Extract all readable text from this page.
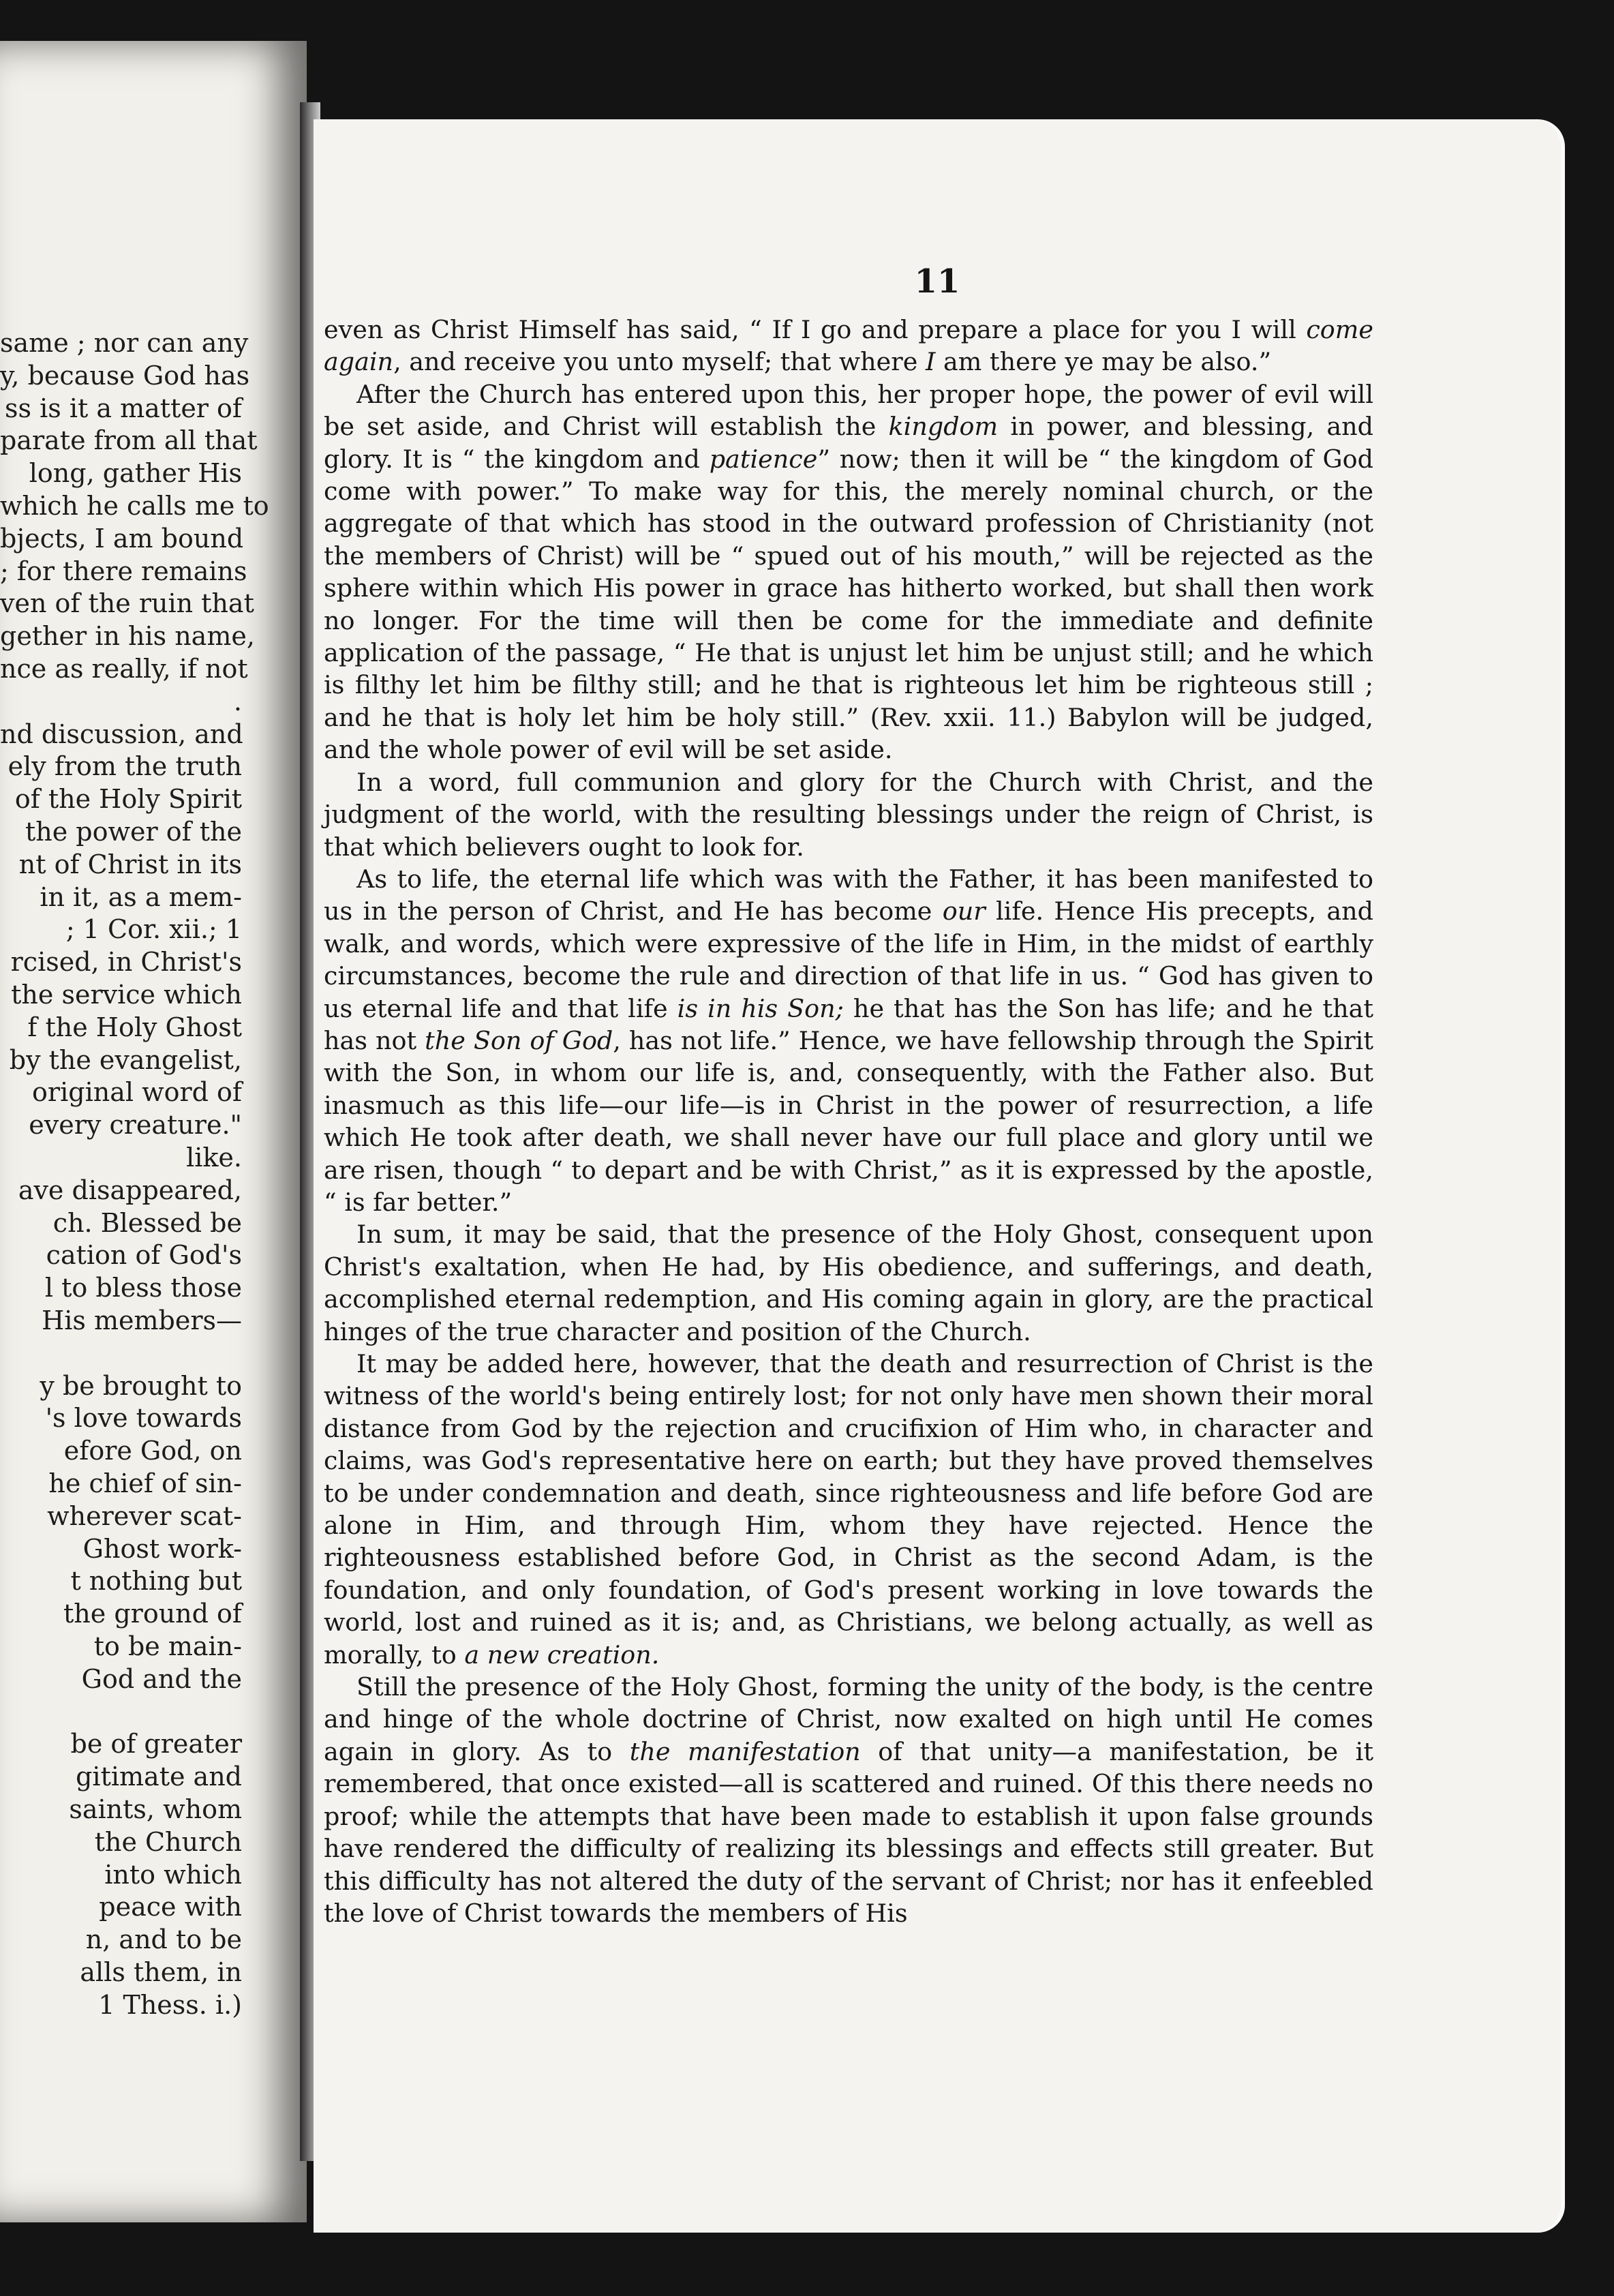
same ; nor can any
y, because God has
ss is it a matter of
parate from all that
long, gather His
which he calls me to
bjects, I am bound
; for there remains
ven of the ruin that
gether in his name,
nce as really, if not
.
nd discussion, and
ely from the truth
of the Holy Spirit
the power of the
nt of Christ in its
in it, as a mem-
; 1 Cor. xii.; 1
rcised, in Christ's
the service which
f the Holy Ghost
by the evangelist,
original word of
every creature."
like.
ave disappeared,
ch. Blessed be
cation of God's
l to bless those
His members—
y be brought to
's love towards
efore God, on
he chief of sin-
wherever scat-
Ghost work-
t nothing but
the ground of
to be main-
God and the
be of greater
gitimate and
saints, whom
the Church
into which
peace with
n, and to be
alls them, in
1 Thess. i.)
11

even as Christ Himself has said, “ If I go and prepare a place for you I will come again, and receive you unto myself; that where I am there ye may be also.”

After the Church has entered upon this, her proper hope, the power of evil will be set aside, and Christ will establish the kingdom in power, and blessing, and glory. It is “ the kingdom and patience” now; then it will be “ the kingdom of God come with power.” To make way for this, the merely nominal church, or the aggregate of that which has stood in the outward profession of Christianity (not the members of Christ) will be “ spued out of his mouth,” will be rejected as the sphere within which His power in grace has hitherto worked, but shall then work no longer. For the time will then be come for the immediate and definite application of the passage, “ He that is unjust let him be unjust still; and he which is filthy let him be filthy still; and he that is righteous let him be righteous still ; and he that is holy let him be holy still.” (Rev. xxii. 11.) Babylon will be judged, and the whole power of evil will be set aside.

In a word, full communion and glory for the Church with Christ, and the judgment of the world, with the resulting blessings under the reign of Christ, is that which believers ought to look for.

As to life, the eternal life which was with the Father, it has been manifested to us in the person of Christ, and He has become our life. Hence His precepts, and walk, and words, which were expressive of the life in Him, in the midst of earthly circumstances, become the rule and direction of that life in us. “ God has given to us eternal life and that life is in his Son; he that has the Son has life; and he that has not the Son of God, has not life.” Hence, we have fellowship through the Spirit with the Son, in whom our life is, and, consequently, with the Father also. But inasmuch as this life—our life—is in Christ in the power of resurrection, a life which He took after death, we shall never have our full place and glory until we are risen, though “ to depart and be with Christ,” as it is expressed by the apostle, “ is far better.”

In sum, it may be said, that the presence of the Holy Ghost, consequent upon Christ's exaltation, when He had, by His obedience, and sufferings, and death, accomplished eternal redemption, and His coming again in glory, are the practical hinges of the true character and position of the Church.

It may be added here, however, that the death and resurrection of Christ is the witness of the world's being entirely lost; for not only have men shown their moral distance from God by the rejection and crucifixion of Him who, in character and claims, was God's representative here on earth; but they have proved themselves to be under condemnation and death, since righteousness and life before God are alone in Him, and through Him, whom they have rejected. Hence the righteousness established before God, in Christ as the second Adam, is the foundation, and only foundation, of God's present working in love towards the world, lost and ruined as it is; and, as Christians, we belong actually, as well as morally, to a new creation.

Still the presence of the Holy Ghost, forming the unity of the body, is the centre and hinge of the whole doctrine of Christ, now exalted on high until He comes again in glory. As to the manifestation of that unity—a manifestation, be it remembered, that once existed—all is scattered and ruined. Of this there needs no proof; while the attempts that have been made to establish it upon false grounds have rendered the difficulty of realizing its blessings and effects still greater. But this difficulty has not altered the duty of the servant of Christ; nor has it enfeebled the love of Christ towards the members of His
